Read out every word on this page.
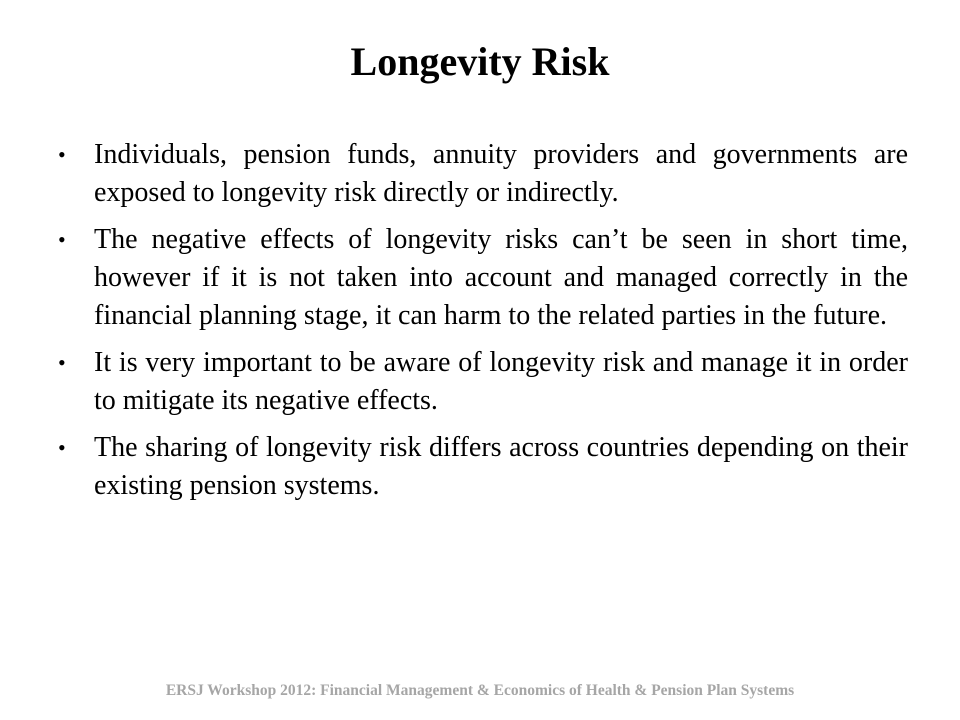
Longevity Risk
• Individuals, pension funds, annuity providers and governments are exposed to longevity risk directly or indirectly.
• The negative effects of longevity risks can’t be seen in short time, however if it is not taken into account and managed correctly in the financial planning stage, it can harm to the related parties in the future.
• It is very important to be aware of longevity risk and manage it in order to mitigate its negative effects.
• The sharing of longevity risk differs across countries depending on their existing pension systems.
ERSJ Workshop 2012: Financial Management & Economics of Health & Pension Plan Systems
